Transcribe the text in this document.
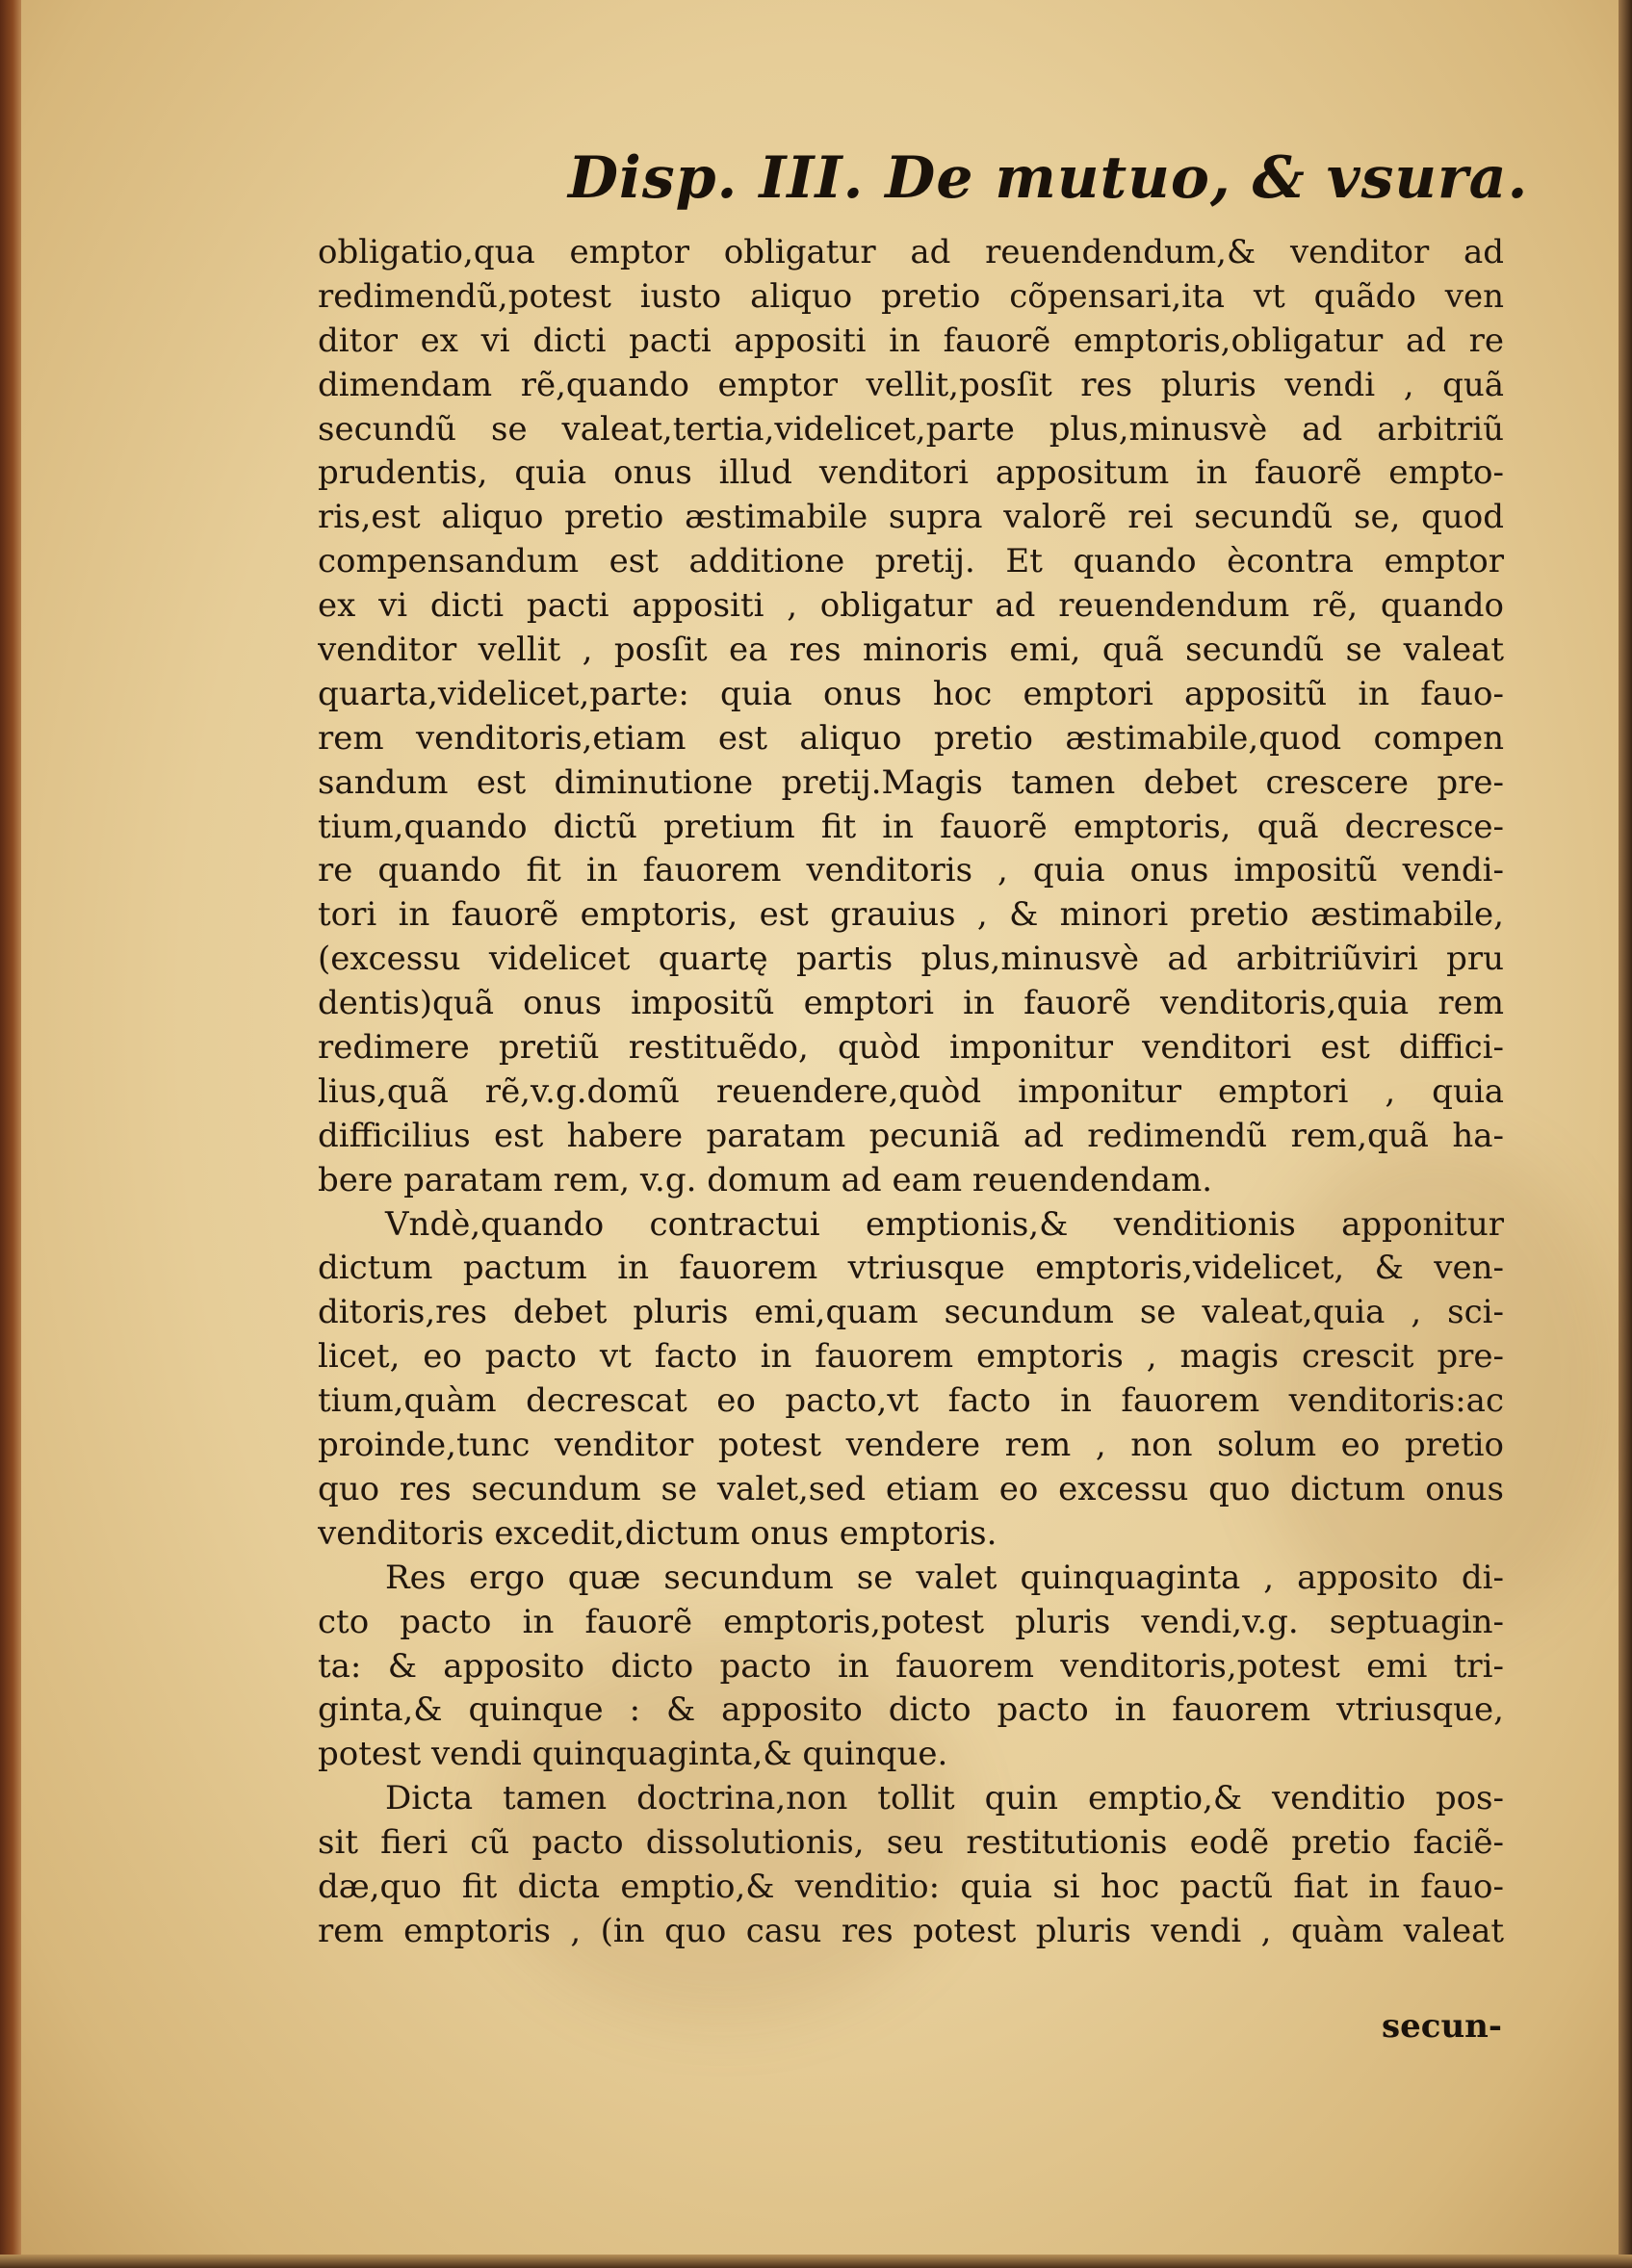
Disp. III. De mutuo, & vsura.
obligatio,qua emptor obligatur ad reuendendum,& venditor ad
redimendũ,potest iusto aliquo pretio cõpensari,ita vt quãdo ven
ditor ex vi dicti pacti appositi in fauorẽ emptoris,obligatur ad re
dimendam rẽ,quando emptor vellit,posſit res pluris vendi , quã
secundũ se valeat,tertia,videlicet,parte plus,minusvè ad arbitriũ
prudentis, quia onus illud venditori appositum in fauorẽ empto-
ris,est aliquo pretio æstimabile supra valorẽ rei secundũ se, quod
compensandum est additione pretij. Et quando ècontra emptor
ex vi dicti pacti appositi , obligatur ad reuendendum rẽ, quando
venditor vellit , posſit ea res minoris emi, quã secundũ se valeat
quarta,videlicet,parte: quia onus hoc emptori appositũ in fauo-
rem venditoris,etiam est aliquo pretio æstimabile,quod compen
sandum est diminutione pretij.Magis tamen debet crescere pre-
tium,quando dictũ pretium fit in fauorẽ emptoris, quã decresce-
re quando fit in fauorem venditoris , quia onus impositũ vendi-
tori in fauorẽ emptoris, est grauius , & minori pretio æstimabile,
(excessu videlicet quartę partis plus,minusvè ad arbitriũviri pru
dentis)quã onus impositũ emptori in fauorẽ venditoris,quia rem
redimere pretiũ restituẽdo, quòd imponitur venditori est diffici-
lius,quã rẽ,v.g.domũ reuendere,quòd imponitur emptori , quia
difficilius est habere paratam pecuniã ad redimendũ rem,quã ha-
bere paratam rem, v.g. domum ad eam reuendendam.
Vndè,quando contractui emptionis,& venditionis apponitur
dictum pactum in fauorem vtriusque emptoris,videlicet, & ven-
ditoris,res debet pluris emi,quam secundum se valeat,quia , sci-
licet, eo pacto vt facto in fauorem emptoris , magis crescit pre-
tium,quàm decrescat eo pacto,vt facto in fauorem venditoris:ac
proinde,tunc venditor potest vendere rem , non solum eo pretio
quo res secundum se valet,sed etiam eo excessu quo dictum onus
venditoris excedit,dictum onus emptoris.
Res ergo quæ secundum se valet quinquaginta , apposito di-
cto pacto in fauorẽ emptoris,potest pluris vendi,v.g. septuagin-
ta: & apposito dicto pacto in fauorem venditoris,potest emi tri-
ginta,& quinque : & apposito dicto pacto in fauorem vtriusque,
potest vendi quinquaginta,& quinque.
Dicta tamen doctrina,non tollit quin emptio,& venditio pos-
sit fieri cũ pacto dissolutionis, seu restitutionis eodẽ pretio faciẽ-
dæ,quo fit dicta emptio,& venditio: quia si hoc pactũ fiat in fauo-
rem emptoris , (in quo casu res potest pluris vendi , quàm valeat
secun-
